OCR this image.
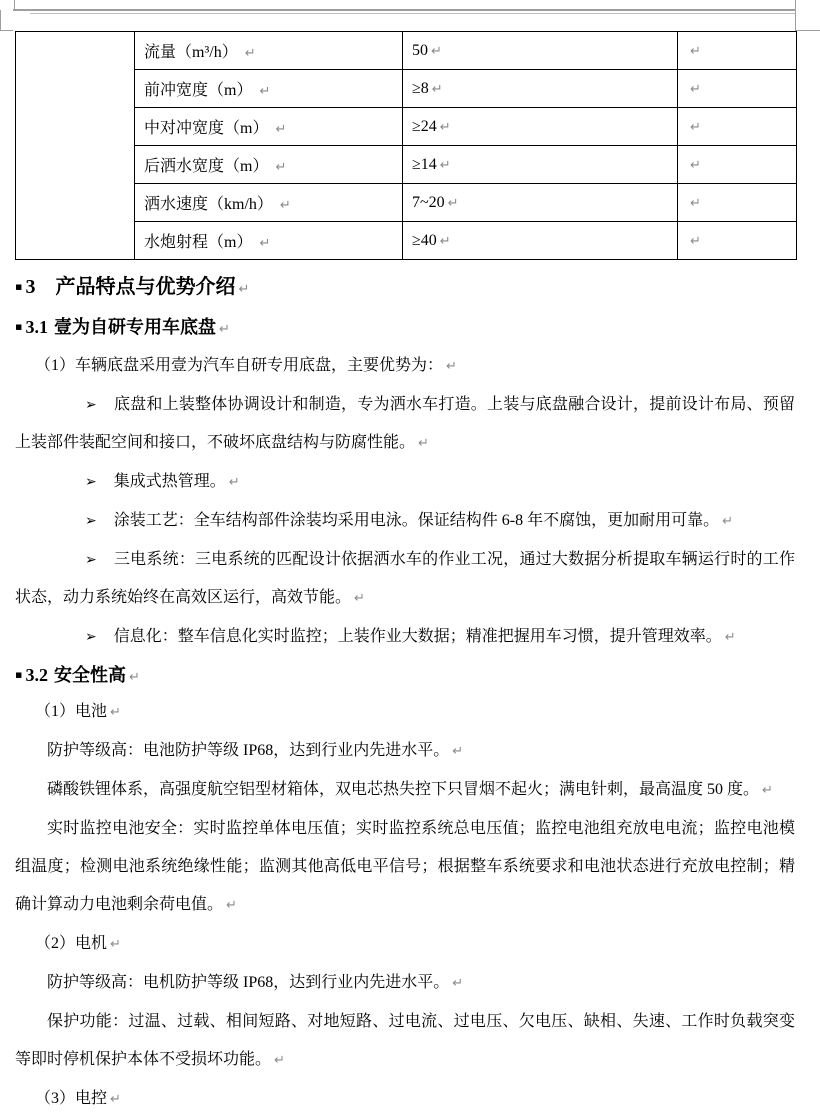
	流量（m³/h） ↵	50 ↵	↵
	前冲宽度（m） ↵	≥8 ↵	↵
	中对冲宽度（m） ↵	≥24 ↵	↵
	后洒水宽度（m） ↵	≥14 ↵	↵
	洒水速度（km/h） ↵	7~20 ↵	↵
	水炮射程（m） ↵	≥40 ↵	↵
▪ 3 产品特点与优势介绍 ↵
▪ 3.1 壹为自研专用车底盘 ↵

（1）车辆底盘采用壹为汽车自研专用底盘，主要优势为： ↵

➢ 底盘和上装整体协调设计和制造，专为洒水车打造。上装与底盘融合设计，提前设计布局、预留上装部件装配空间和接口，不破坏底盘结构与防腐性能。 ↵

➢ 集成式热管理。 ↵

➢ 涂装工艺：全车结构部件涂装均采用电泳。保证结构件 6-8 年不腐蚀，更加耐用可靠。 ↵

➢ 三电系统：三电系统的匹配设计依据洒水车的作业工况，通过大数据分析提取车辆运行时的工作状态，动力系统始终在高效区运行，高效节能。 ↵

➢ 信息化：整车信息化实时监控；上装作业大数据；精准把握用车习惯，提升管理效率。 ↵

▪ 3.2 安全性高 ↵

（1）电池 ↵

防护等级高：电池防护等级 IP68，达到行业内先进水平。 ↵

磷酸铁锂体系，高强度航空铝型材箱体，双电芯热失控下只冒烟不起火；满电针刺，最高温度 50 度。 ↵

实时监控电池安全：实时监控单体电压值；实时监控系统总电压值；监控电池组充放电电流；监控电池模组温度；检测电池系统绝缘性能；监测其他高低电平信号；根据整车系统要求和电池状态进行充放电控制；精确计算动力电池剩余荷电值。 ↵

（2）电机 ↵

防护等级高：电机防护等级 IP68，达到行业内先进水平。 ↵

保护功能：过温、过载、相间短路、对地短路、过电流、过电压、欠电压、缺相、失速、工作时负载突变等即时停机保护本体不受损坏功能。 ↵

（3）电控 ↵
